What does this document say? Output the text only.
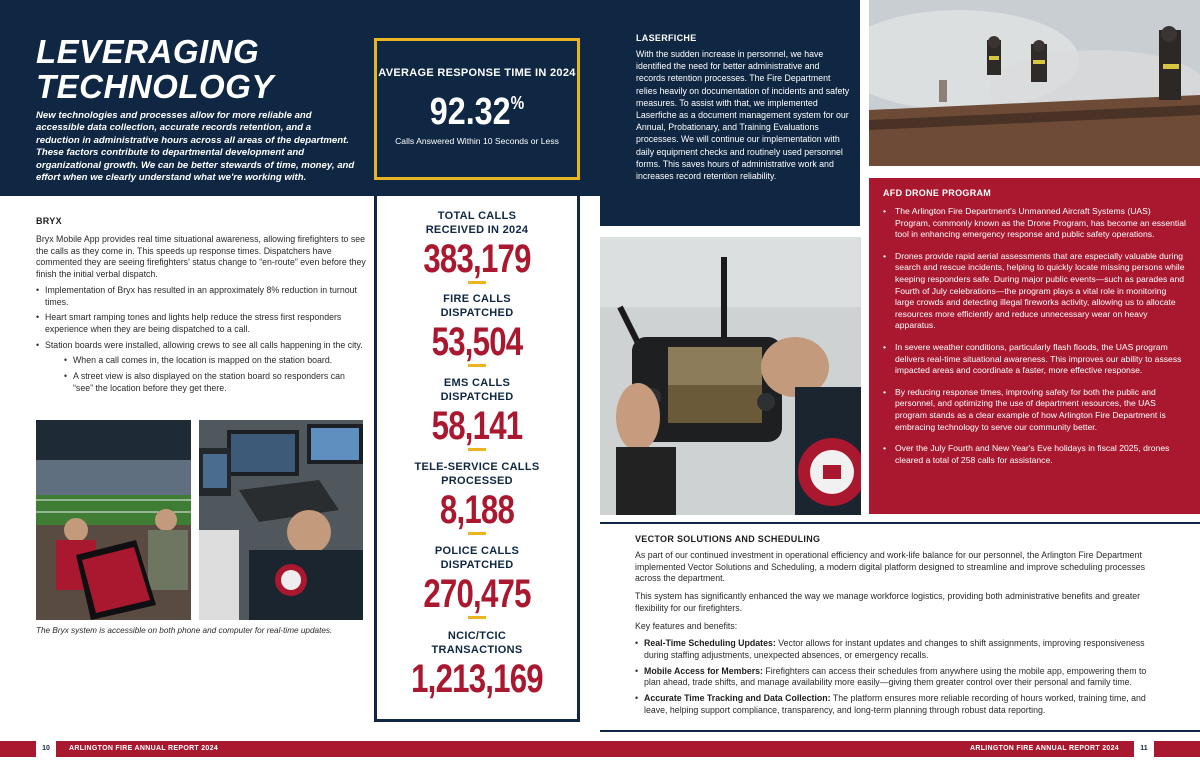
LEVERAGING
TECHNOLOGY

New technologies and processes allow for more reliable and accessible data collection, accurate records retention, and a reduction in administrative hours across all areas of the department. These factors contribute to departmental development and organizational growth. We can be better stewards of time, money, and effort when we clearly understand what we're working with.

AVERAGE RESPONSE TIME IN 2024
92.32%
Calls Answered Within 10 Seconds or Less
TOTAL CALLS RECEIVED IN 2024
383,179
FIRE CALLS DISPATCHED
53,504
EMS CALLS DISPATCHED
58,141
TELE-SERVICE CALLS PROCESSED
8,188
POLICE CALLS DISPATCHED
270,475
NCIC/TCIC TRANSACTIONS
1,213,169
LASERFICHE

With the sudden increase in personnel, we have identified the need for better administrative and records retention processes. The Fire Department relies heavily on documentation of incidents and safety measures. To assist with that, we implemented Laserfiche as a document management system for our Annual, Probationary, and Training Evaluations processes. We will continue our implementation with daily equipment checks and routinely used personnel forms. This saves hours of administrative work and increases record retention reliability.

AFD DRONE PROGRAM
• The Arlington Fire Department's Unmanned Aircraft Systems (UAS) Program, commonly known as the Drone Program, has become an essential tool in enhancing emergency response and public safety operations.
• Drones provide rapid aerial assessments that are especially valuable during search and rescue incidents, helping to quickly locate missing persons while keeping responders safe. During major public events—such as parades and Fourth of July celebrations—the program plays a vital role in monitoring large crowds and detecting illegal fireworks activity, allowing us to allocate resources more efficiently and reduce unnecessary wear on heavy apparatus.
• In severe weather conditions, particularly flash floods, the UAS program delivers real-time situational awareness. This improves our ability to assess impacted areas and coordinate a faster, more effective response.
• By reducing response times, improving safety for both the public and personnel, and optimizing the use of department resources, the UAS program stands as a clear example of how Arlington Fire Department is embracing technology to serve our community better.
• Over the July Fourth and New Year's Eve holidays in fiscal 2025, drones cleared a total of 258 calls for assistance.
BRYX

Bryx Mobile App provides real time situational awareness, allowing firefighters to see the calls as they come in. This speeds up response times. Dispatchers have commented they are seeing firefighters' status change to “en-route” even before they finish the initial verbal dispatch.

• Implementation of Bryx has resulted in an approximately 8% reduction in turnout times.
• Heart smart ramping tones and lights help reduce the stress first responders experience when they are being dispatched to a call.
• Station boards were installed, allowing crews to see all calls happening in the city.
• When a call comes in, the location is mapped on the station board.
• A street view is also displayed on the station board so responders can “see” the location before they get there.
The Bryx system is accessible on both phone and computer for real-time updates.
VECTOR SOLUTIONS AND SCHEDULING

As part of our continued investment in operational efficiency and work-life balance for our personnel, the Arlington Fire Department implemented Vector Solutions and Scheduling, a modern digital platform designed to streamline and improve scheduling processes across the department.

This system has significantly enhanced the way we manage workforce logistics, providing both administrative benefits and greater flexibility for our firefighters.

Key features and benefits:

• Real-Time Scheduling Updates: Vector allows for instant updates and changes to shift assignments, improving responsiveness during staffing adjustments, unexpected absences, or emergency recalls.
• Mobile Access for Members: Firefighters can access their schedules from anywhere using the mobile app, empowering them to plan ahead, trade shifts, and manage availability more easily—giving them greater control over their personal and family time.
• Accurate Time Tracking and Data Collection: The platform ensures more reliable recording of hours worked, training time, and leave, helping support compliance, transparency, and long-term planning through robust data reporting.
10	ARLINGTON FIRE ANNUAL REPORT 2024	ARLINGTON FIRE ANNUAL REPORT 2024	11
